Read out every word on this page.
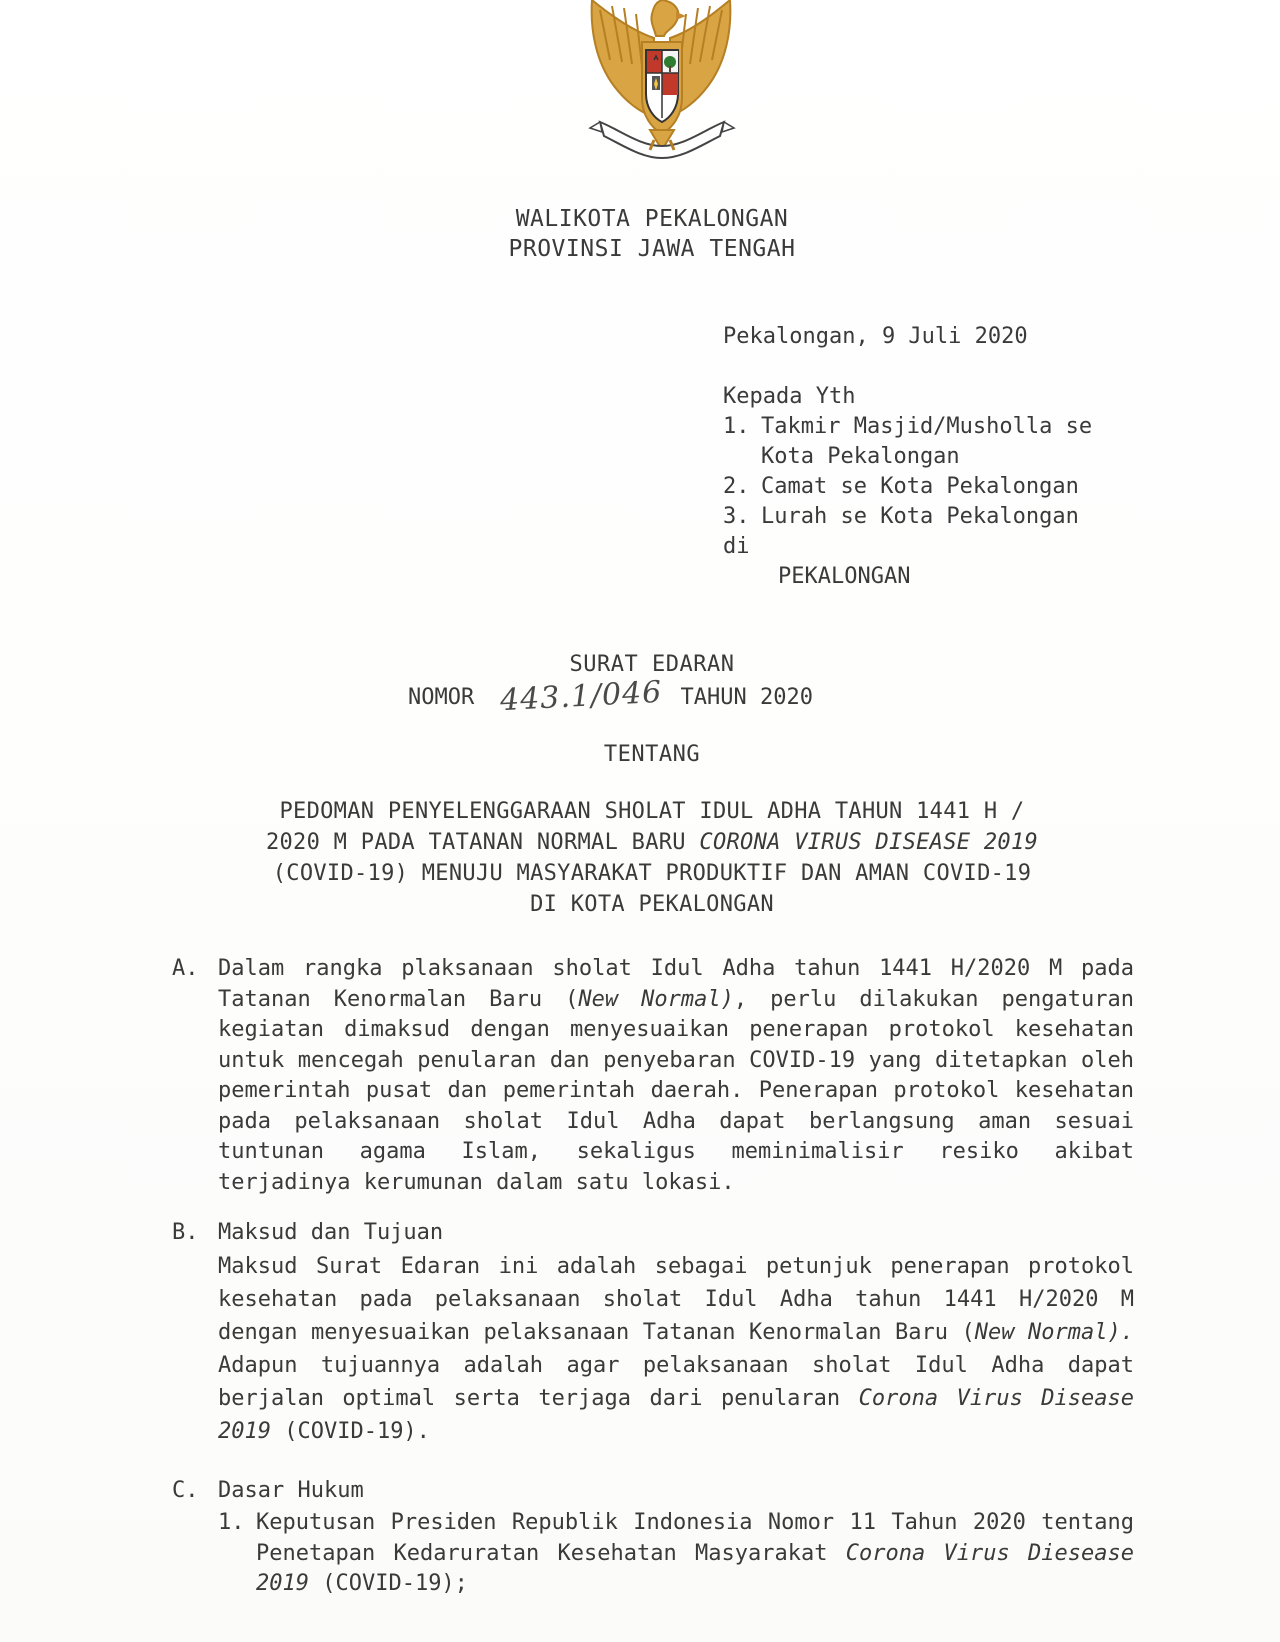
WALIKOTA PEKALONGAN
PROVINSI JAWA TENGAH
Pekalongan, 9 Juli 2020
Kepada Yth
1. Takmir Masjid/Musholla se
Kota Pekalongan
2. Camat se Kota Pekalongan
3. Lurah se Kota Pekalongan
di
PEKALONGAN
SURAT EDARAN
NOMOR 443.1/046 TAHUN 2020
TENTANG
PEDOMAN PENYELENGGARAAN SHOLAT IDUL ADHA TAHUN 1441 H /
2020 M PADA TATANAN NORMAL BARU CORONA VIRUS DISEASE 2019
(COVID-19) MENUJU MASYARAKAT PRODUKTIF DAN AMAN COVID-19
DI KOTA PEKALONGAN
A. Dalam rangka plaksanaan sholat Idul Adha tahun 1441 H/2020 M pada Tatanan Kenormalan Baru (New Normal), perlu dilakukan pengaturan kegiatan dimaksud dengan menyesuaikan penerapan protokol kesehatan untuk mencegah penularan dan penyebaran COVID-19 yang ditetapkan oleh pemerintah pusat dan pemerintah daerah. Penerapan protokol kesehatan pada pelaksanaan sholat Idul Adha dapat berlangsung aman sesuai tuntunan agama Islam, sekaligus meminimalisir resiko akibat terjadinya kerumunan dalam satu lokasi.
B. Maksud dan Tujuan
Maksud Surat Edaran ini adalah sebagai petunjuk penerapan protokol kesehatan pada pelaksanaan sholat Idul Adha tahun 1441 H/2020 M dengan menyesuaikan pelaksanaan Tatanan Kenormalan Baru (New Normal). Adapun tujuannya adalah agar pelaksanaan sholat Idul Adha dapat berjalan optimal serta terjaga dari penularan Corona Virus Disease 2019 (COVID-19).
C. Dasar Hukum
1. Keputusan Presiden Republik Indonesia Nomor 11 Tahun 2020 tentang Penetapan Kedaruratan Kesehatan Masyarakat Corona Virus Diesease 2019 (COVID-19);
